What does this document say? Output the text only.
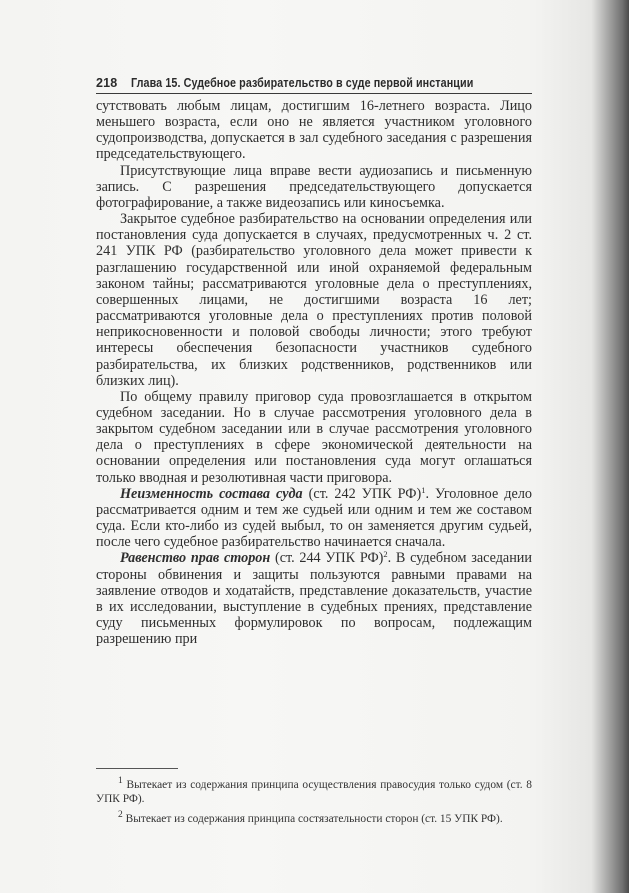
218 Глава 15. Судебное разбирательство в суде первой инстанции

сутствовать любым лицам, достигшим 16-летнего возраста. Лицо меньшего возраста, если оно не является участником уголовного судопроизводства, допускается в зал судебного заседания с разрешения председательствующего.

Присутствующие лица вправе вести аудиозапись и письменную запись. С разрешения председательствующего допускается фотографирование, а также видеозапись или киносъемка.

Закрытое судебное разбирательство на основании определения или постановления суда допускается в случаях, предусмотренных ч. 2 ст. 241 УПК РФ (разбирательство уголовного дела может привести к разглашению государственной или иной охраняемой федеральным законом тайны; рассматриваются уголовные дела о преступлениях, совершенных лицами, не достигшими возраста 16 лет; рассматриваются уголовные дела о преступлениях против половой неприкосновенности и половой свободы личности; этого требуют интересы обеспечения безопасности участников судебного разбирательства, их близких родственников, родственников или близких лиц).

По общему правилу приговор суда провозглашается в открытом судебном заседании. Но в случае рассмотрения уголовного дела в закрытом судебном заседании или в случае рассмотрения уголовного дела о преступлениях в сфере экономической деятельности на основании определения или постановления суда могут оглашаться только вводная и резолютивная части приговора.

Неизменность состава суда (ст. 242 УПК РФ)$^1$. Уголовное дело рассматривается одним и тем же судьей или одним и тем же составом суда. Если кто-либо из судей выбыл, то он заменяется другим судьей, после чего судебное разбирательство начинается сначала.

Равенство прав сторон (ст. 244 УПК РФ)$^2$. В судебном заседании стороны обвинения и защиты пользуются равными правами на заявление отводов и ходатайств, представление доказательств, участие в их исследовании, выступление в судебных прениях, представление суду письменных формулировок по вопросам, подлежащим разрешению при

$^1$ Вытекает из содержания принципа осуществления правосудия только судом (ст. 8 УПК РФ).

$^2$ Вытекает из содержания принципа состязательности сторон (ст. 15 УПК РФ).
